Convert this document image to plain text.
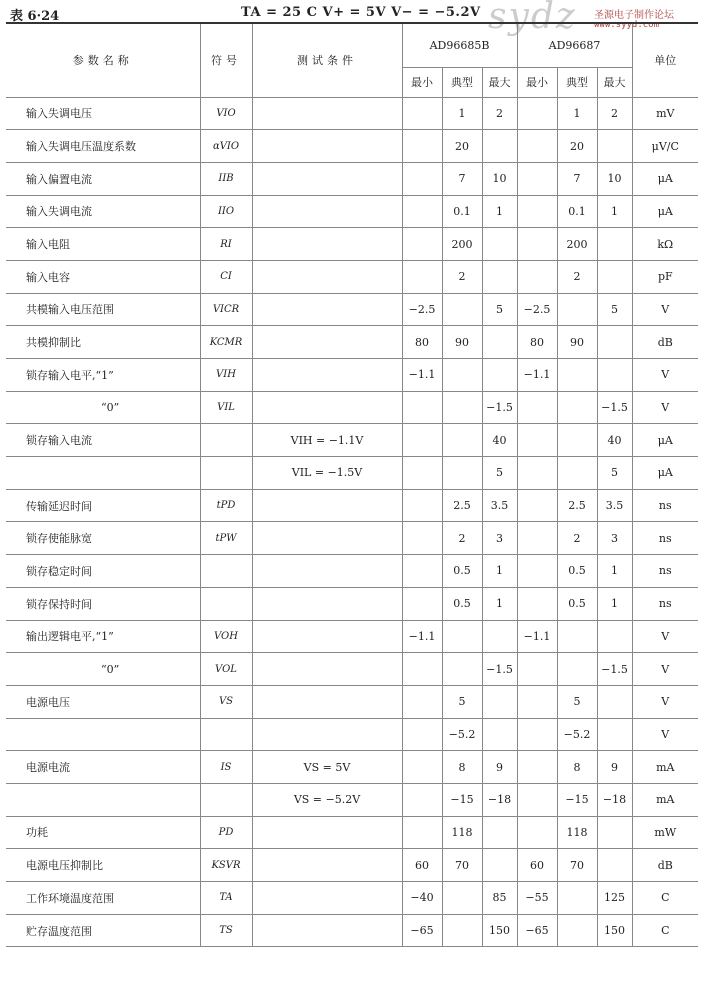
表 6·24	TA = 25 C V+ = 5V V− = −5.2V sydz 圣源电子制作论坛
www.syyd.com
参数名称	符号	测试条件	AD96685B			AD96687			单位
			最小	典型	最大	最小	典型	最大	
输入失调电压	VIO			1	2		1	2	mV
输入失调电压温度系数	αVIO			20			20		μV/C
输入偏置电流	IIB			7	10		7	10	μA
输入失调电流	IIO			0.1	1		0.1	1	μA
输入电阻	RI			200			200		kΩ
输入电容	CI			2			2		pF
共模输入电压范围	VICR		−2.5		5	−2.5		5	V
共模抑制比	KCMR		80	90		80	90		dB
锁存输入电平,“1”	VIH		−1.1			−1.1			V
“0”	VIL				−1.5			−1.5	V
锁存输入电流		VIH = −1.1V			40			40	μA
		VIL = −1.5V			5			5	μA
传输延迟时间	tPD			2.5	3.5		2.5	3.5	ns
锁存使能脉宽	tPW			2	3		2	3	ns
锁存稳定时间				0.5	1		0.5	1	ns
锁存保持时间				0.5	1		0.5	1	ns
输出逻辑电平,“1”	VOH		−1.1			−1.1			V
“0”	VOL				−1.5			−1.5	V
电源电压	VS			5			5		V
				−5.2			−5.2		V
电源电流	IS	VS = 5V		8	9		8	9	mA
		VS = −5.2V		−15	−18		−15	−18	mA
功耗	PD			118			118		mW
电源电压抑制比	KSVR		60	70		60	70		dB
工作环境温度范围	TA		−40		85	−55		125	C
贮存温度范围	TS		−65		150	−65		150	C
